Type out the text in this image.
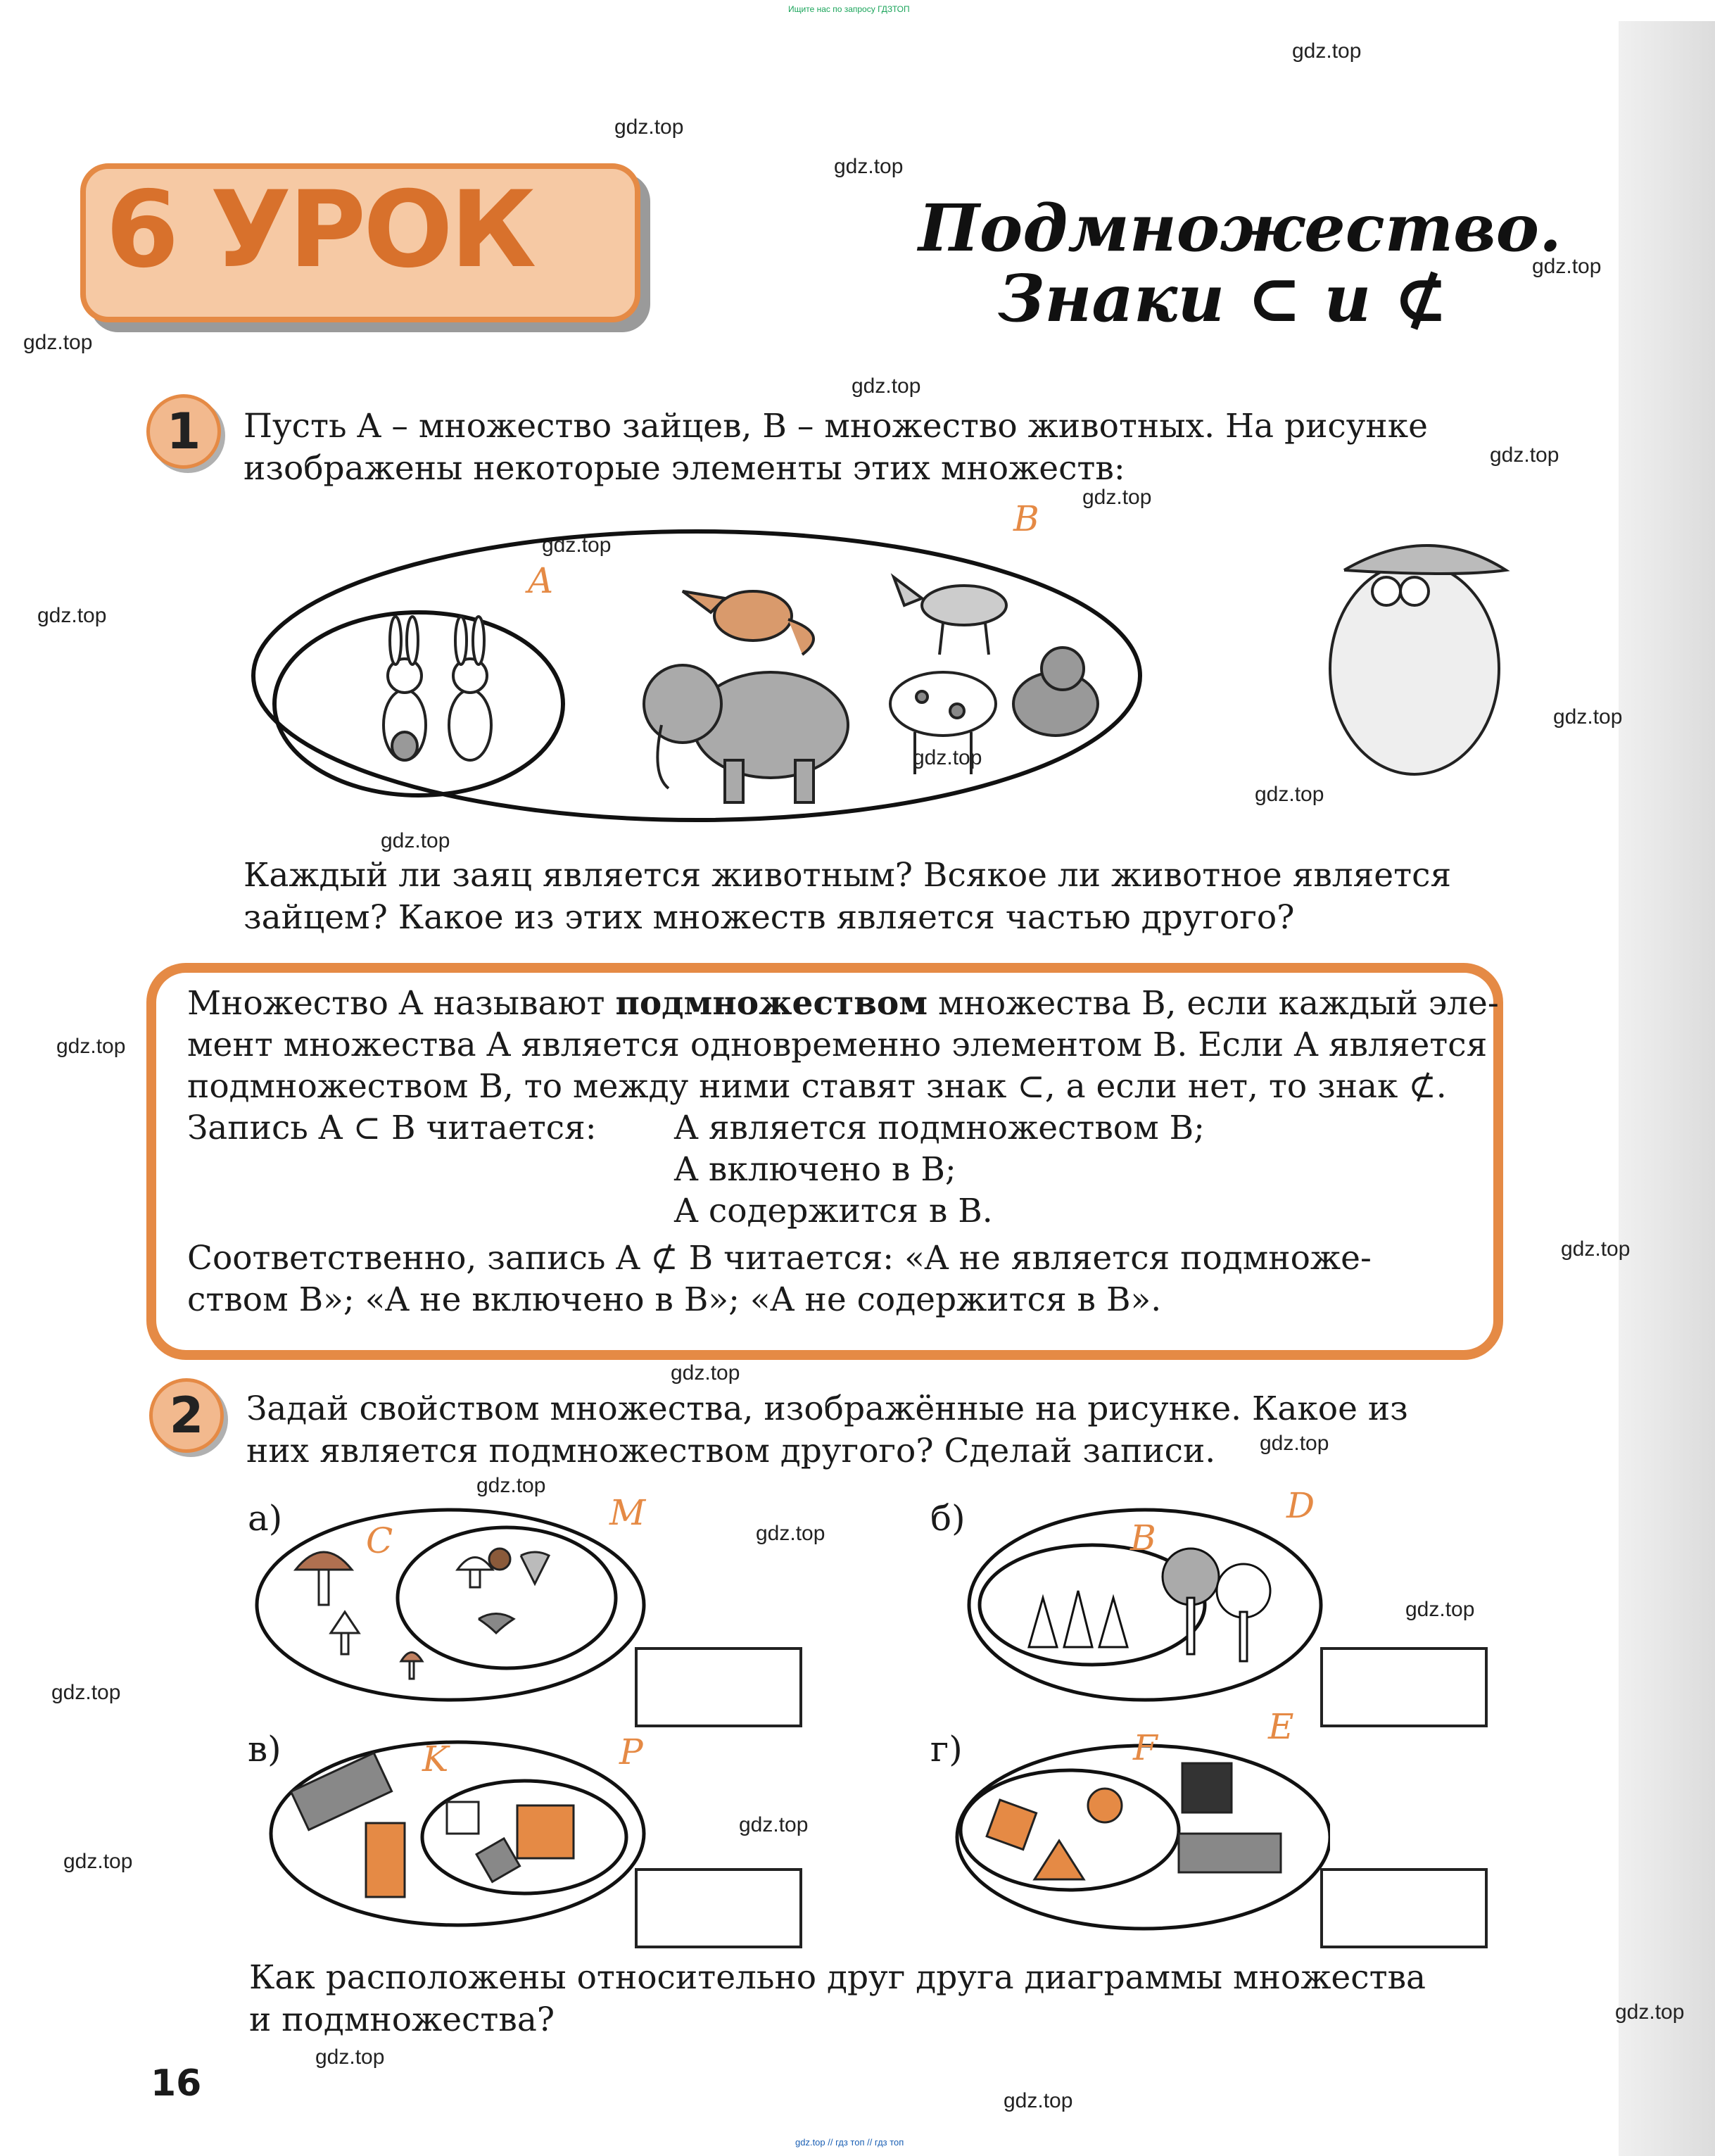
Ищите нас по запросу ГДЗТОП
gdz.top
gdz.top
gdz.top
gdz.top
gdz.top
gdz.top
gdz.top
gdz.top
gdz.top
gdz.top
gdz.top
gdz.top
gdz.top
gdz.top
gdz.top
gdz.top
gdz.top
gdz.top
gdz.top
gdz.top
gdz.top
gdz.top
gdz.top
gdz.top
gdz.top
gdz.top
gdz.top
6 УРОК	Подмножество.
Знаки ⊂ и ⊄
1	Пусть A – множество зайцев, B – множество животных. На рисунке
изображены некоторые элементы этих множеств:
B
A
Каждый ли заяц является животным? Всякое ли животное является
зайцем? Какое из этих множеств является частью другого?
Множество A называют подмножеством множества B, если каждый эле-
мент множества A является одновременно элементом B. Если A является
подмножеством B, то между ними ставят знак ⊂, а если нет, то знак ⊄.
Запись A ⊂ B читается: A является подмножеством B;
A включено в B;
A содержится в B.
Соответственно, запись A ⊄ B читается: «A не является подмноже-
ством B»; «A не включено в B»; «A не содержится в B».
2	Задай свойством множества, изображённые на рисунке. Какое из
них является подмножеством другого? Сделай записи.
а)	б)
в)	г)
C
M
B
D
K	P	F
E
Как расположены относительно друг друга диаграммы множества
и подмножества?
16
gdz.top // гдз топ // гдз топ
